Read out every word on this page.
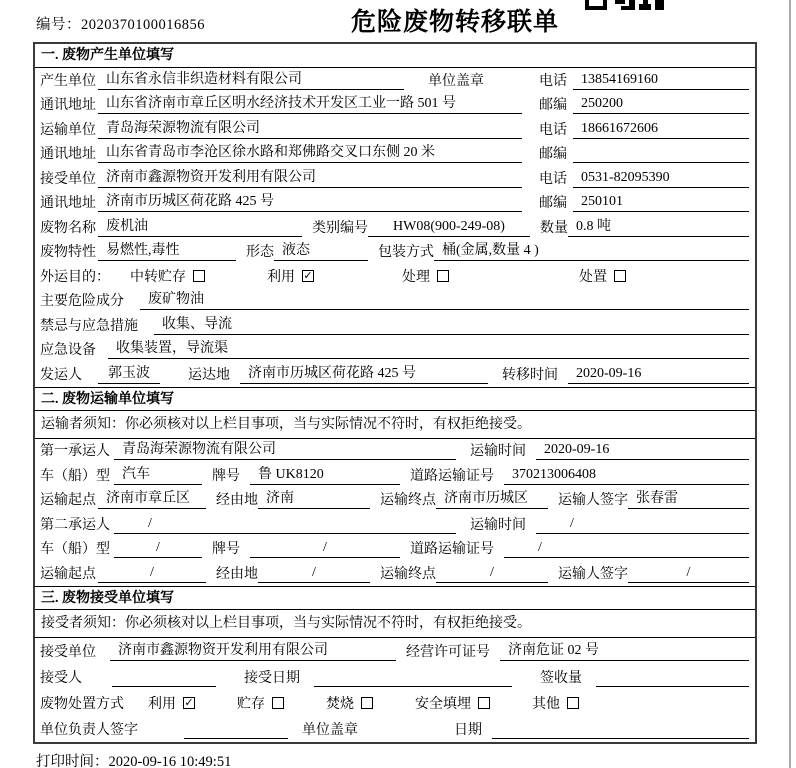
编号：2020370100016856	危险废物转移联单
一. 废物产生单位填写
产生单位 山东省永信非织造材料有限公司	单位盖章	电话	13854169160
通讯地址 山东省济南市章丘区明水经济技术开发区工业一路 501 号	邮编	250200
运输单位 青岛海荣源物流有限公司	电话	18661672606
通讯地址 山东省青岛市李沧区徐水路和郑佛路交叉口东侧 20 米	邮编
接受单位 济南市鑫源物资开发利用有限公司	电话	0531-82095390
通讯地址 济南市历城区荷花路 425 号	邮编	250101
废物名称 废机油	类别编号	HW08(900-249-08)	数量 0.8 吨
废物特性 易燃性,毒性	形态 液态	包装方式 桶(金属,数量 4 )
外运目的： 中转贮存	利用 ✓	处理	处置
主要危险成分	废矿物油
禁忌与应急措施	收集、导流
应急设备	收集装置，导流渠
发运人	郭玉波	运达地	济南市历城区荷花路 425 号	转移时间	2020-09-16
二. 废物运输单位填写
运输者须知：你必须核对以上栏目事项，当与实际情况不符时，有权拒绝接受。
第一承运人 青岛海荣源物流有限公司	运输时间	2020-09-16
车（船）型 汽车	牌号	鲁 UK8120	道路运输证号	370213006408
运输起点 济南市章丘区	经由地 济南	运输终点 济南市历城区	运输人签字 张春雷
第二承运人	/	运输时间	/
车（船）型	/	牌号	/	道路运输证号	/
运输起点	/	经由地	/	运输终点	/	运输人签字	/
三. 废物接受单位填写
接受者须知：你必须核对以上栏目事项，当与实际情况不符时，有权拒绝接受。
接受单位	济南市鑫源物资开发利用有限公司	经营许可证号	济南危证 02 号
接受人	接受日期	签收量
废物处置方式	利用 ✓	贮存	焚烧	安全填埋	其他
单位负责人签字	单位盖章	日期
打印时间：2020-09-16 10:49:51
